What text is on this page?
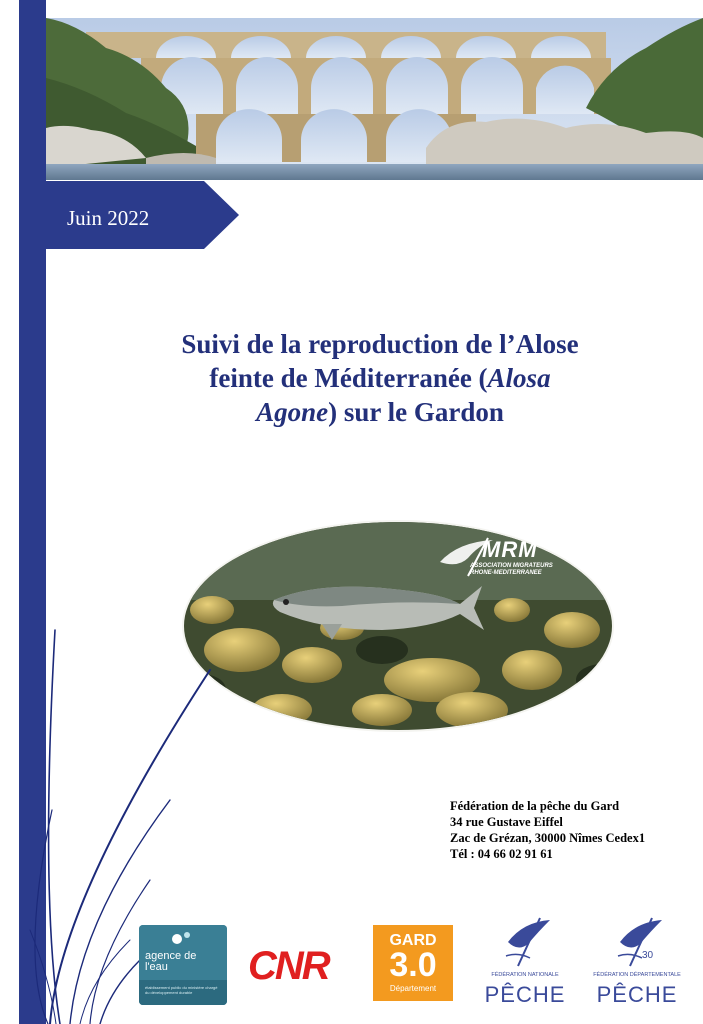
Juin 2022
Suivi de la reproduction de l’Alose
feinte de Méditerranée (Alosa
Agone) sur le Gardon
MRM
ASSOCIATION MIGRATEURS RHONE-MEDITERRANEE
Fédération de la pêche du Gard
34 rue Gustave Eiffel
Zac de Grézan, 30000 Nîmes Cedex1
Tél : 04 66 02 91 61
agence de l'eau
établissement public du ministère chargé du développement durable
CNR
GARD
3.0
Département
FÉDÉRATION NATIONALE
PÊCHE
30
FÉDÉRATION DÉPARTEMENTALE
PÊCHE
